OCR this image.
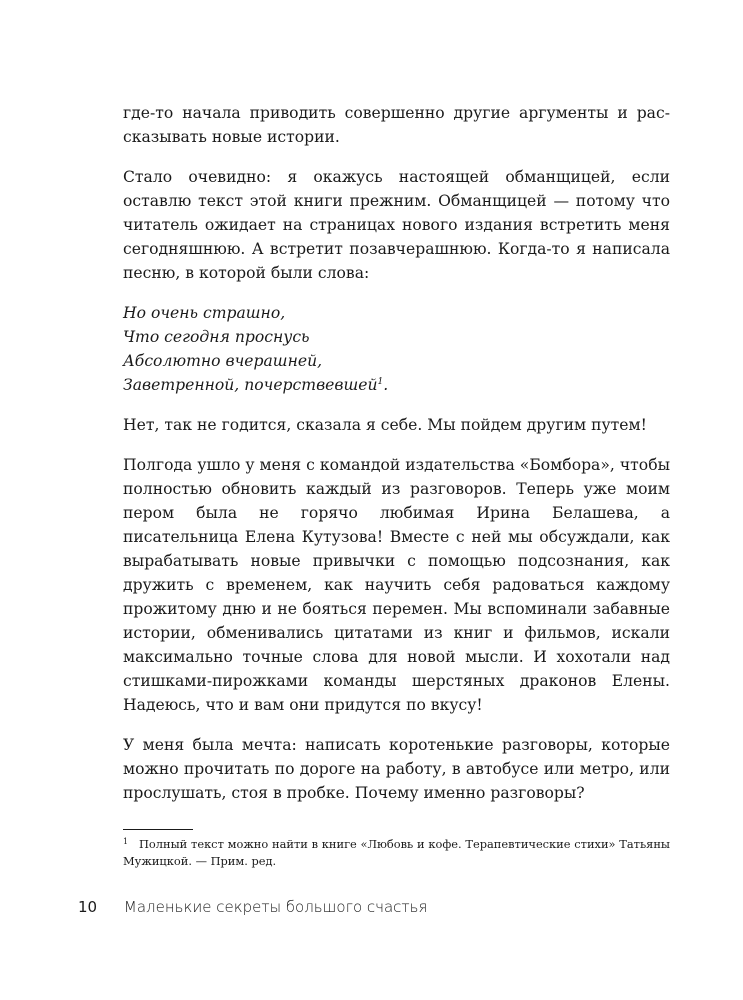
где-то начала приводить совершенно другие аргументы и рассказывать новые истории.

Стало очевидно: я окажусь настоящей обманщицей, если оставлю текст этой книги прежним. Обманщицей — потому что читатель ожидает на страницах нового издания встретить меня сегодняшнюю. А встретит позавчерашнюю. Когда-то я написала песню, в которой были слова:

Но очень страшно,
Что сегодня проснусь
Абсолютно вчерашней,
Заветренной, почерствевшей$^1$.

Нет, так не годится, сказала я себе. Мы пойдем другим путем!

Полгода ушло у меня с командой издательства «Бомбора», чтобы полностью обновить каждый из разговоров. Теперь уже моим пером была не горячо любимая Ирина Белашева, а писательница Елена Кутузова! Вместе с ней мы обсуждали, как вырабатывать новые привычки с помощью подсознания, как дружить с временем, как научить себя радоваться каждому прожитому дню и не бояться перемен. Мы вспоминали забавные истории, обменивались цитатами из книг и фильмов, искали максимально точные слова для новой мысли. И хохотали над стишками-пирожками команды шерстяных драконов Елены. Надеюсь, что и вам они придутся по вкусу!

У меня была мечта: написать коротенькие разговоры, которые можно прочитать по дороге на работу, в автобусе или метро, или прослушать, стоя в пробке. Почему именно разговоры?

1 Полный текст можно найти в книге «Любовь и кофе. Терапевтические стихи» Татьяны Мужицкой. — Прим. ред.
10 Маленькие секреты большого счастья
